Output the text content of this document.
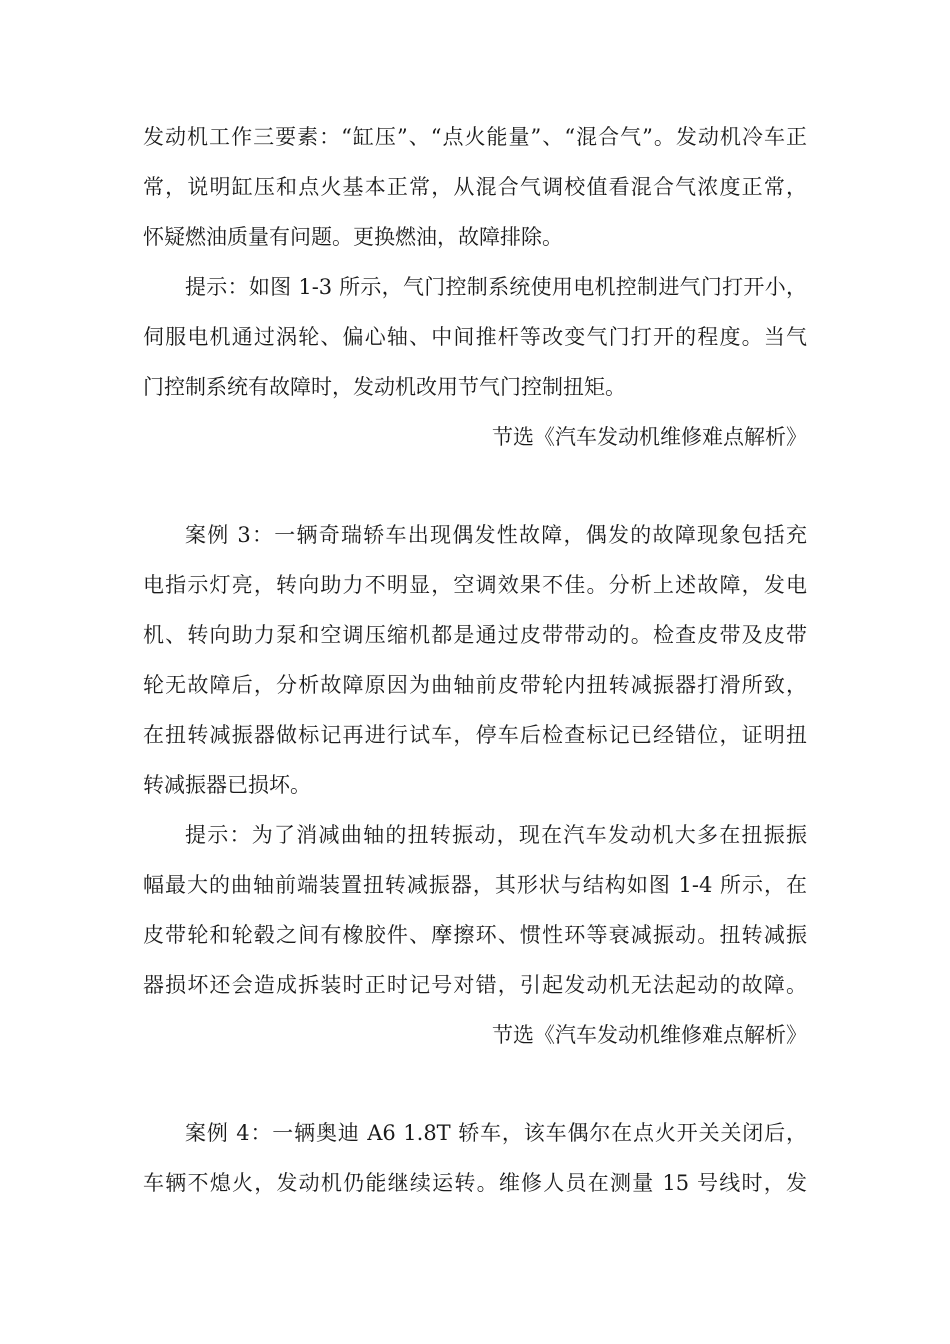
发动机工作三要素：“缸压”、“点火能量”、“混合气”。发动机冷车正
常，说明缸压和点火基本正常，从混合气调校值看混合气浓度正常，
怀疑燃油质量有问题。更换燃油，故障排除。
提示：如图 1-3 所示，气门控制系统使用电机控制进气门打开小，
伺服电机通过涡轮、偏心轴、中间推杆等改变气门打开的程度。当气
门控制系统有故障时，发动机改用节气门控制扭矩。
节选《汽车发动机维修难点解析》
案例 3：一辆奇瑞轿车出现偶发性故障，偶发的故障现象包括充
电指示灯亮，转向助力不明显，空调效果不佳。分析上述故障，发电
机、转向助力泵和空调压缩机都是通过皮带带动的。检查皮带及皮带
轮无故障后，分析故障原因为曲轴前皮带轮内扭转减振器打滑所致，
在扭转减振器做标记再进行试车，停车后检查标记已经错位，证明扭
转减振器已损坏。
提示：为了消减曲轴的扭转振动，现在汽车发动机大多在扭振振
幅最大的曲轴前端装置扭转减振器，其形状与结构如图 1-4 所示，在
皮带轮和轮毂之间有橡胶件、摩擦环、惯性环等衰减振动。扭转减振
器损坏还会造成拆装时正时记号对错，引起发动机无法起动的故障。
节选《汽车发动机维修难点解析》
案例 4：一辆奥迪 A6 1.8T 轿车，该车偶尔在点火开关关闭后，
车辆不熄火，发动机仍能继续运转。维修人员在测量 15 号线时，发
